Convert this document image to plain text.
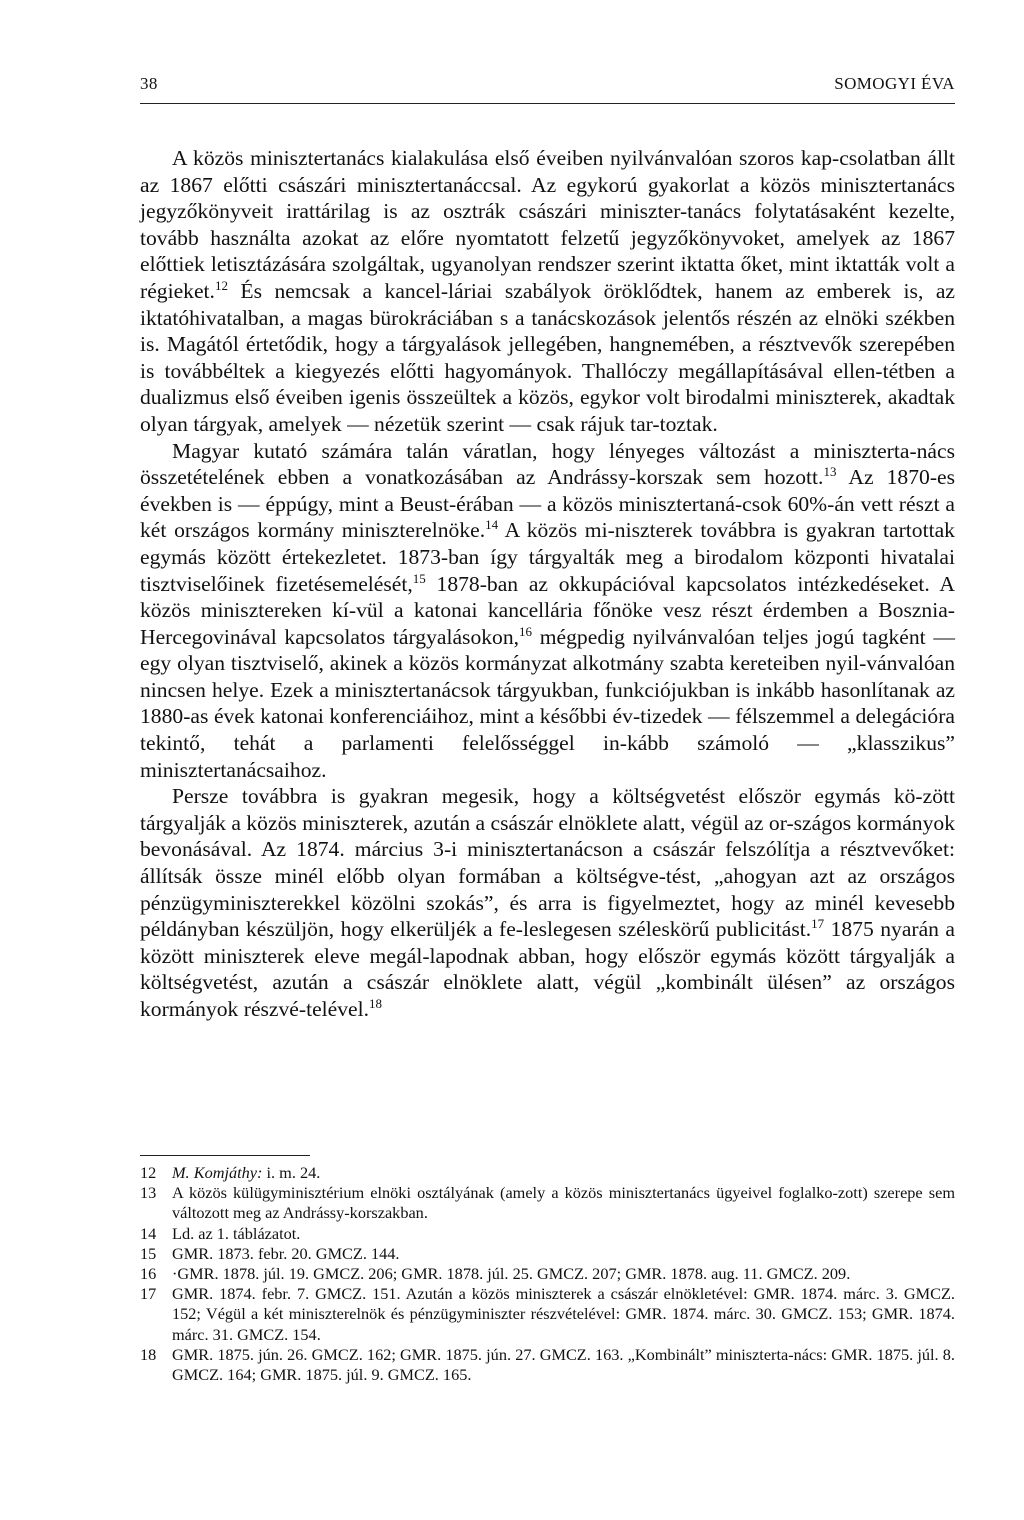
38	SOMOGYI ÉVA

A közös minisztertanács kialakulása első éveiben nyilvánvalóan szoros kap-csolatban állt az 1867 előtti császári minisztertanáccsal. Az egykorú gyakorlat a közös minisztertanács jegyzőkönyveit irattárilag is az osztrák császári miniszter-tanács folytatásaként kezelte, tovább használta azokat az előre nyomtatott felzetű jegyzőkönyvoket, amelyek az 1867 előttiek letisztázására szolgáltak, ugyanolyan rendszer szerint iktatta őket, mint iktatták volt a régieket.$^{12}$ És nemcsak a kancel-láriai szabályok öröklődtek, hanem az emberek is, az iktatóhivatalban, a magas bürokráciában s a tanácskozások jelentős részén az elnöki székben is. Magától értetődik, hogy a tárgyalások jellegében, hangnemében, a résztvevők szerepében is továbbéltek a kiegyezés előtti hagyományok. Thallóczy megállapításával ellen-tétben a dualizmus első éveiben igenis összeültek a közös, egykor volt birodalmi miniszterek, akadtak olyan tárgyak, amelyek — nézetük szerint — csak rájuk tar-toztak.

Magyar kutató számára talán váratlan, hogy lényeges változást a miniszterta-nács összetételének ebben a vonatkozásában az Andrássy-korszak sem hozott.$^{13}$ Az 1870-es években is — éppúgy, mint a Beust-érában — a közös minisztertaná-csok 60%-án vett részt a két országos kormány miniszterelnöke.$^{14}$ A közös mi-niszterek továbbra is gyakran tartottak egymás között értekezletet. 1873-ban így tárgyalták meg a birodalom központi hivatalai tisztviselőinek fizetésemelését,$^{15}$ 1878-ban az okkupációval kapcsolatos intézkedéseket. A közös minisztereken kí-vül a katonai kancellária főnöke vesz részt érdemben a Bosznia-Hercegovinával kapcsolatos tárgyalásokon,$^{16}$ mégpedig nyilvánvalóan teljes jogú tagként — egy olyan tisztviselő, akinek a közös kormányzat alkotmány szabta kereteiben nyil-vánvalóan nincsen helye. Ezek a minisztertanácsok tárgyukban, funkciójukban is inkább hasonlítanak az 1880-as évek katonai konferenciáihoz, mint a későbbi év-tizedek — félszemmel a delegációra tekintő, tehát a parlamenti felelősséggel in-kább számoló — „klasszikus” minisztertanácsaihoz.

Persze továbbra is gyakran megesik, hogy a költségvetést először egymás kö-zött tárgyalják a közös miniszterek, azután a császár elnöklete alatt, végül az or-szágos kormányok bevonásával. Az 1874. március 3-i minisztertanácson a császár felszólítja a résztvevőket: állítsák össze minél előbb olyan formában a költségve-tést, „ahogyan azt az országos pénzügyminiszterekkel közölni szokás”, és arra is figyelmeztet, hogy az minél kevesebb példányban készüljön, hogy elkerüljék a fe-leslegesen széleskörű publicitást.$^{17}$ 1875 nyarán a között miniszterek eleve megál-lapodnak abban, hogy először egymás között tárgyalják a költségvetést, azután a császár elnöklete alatt, végül „kombinált ülésen” az országos kormányok részvé-telével.$^{18}$

12 M. Komjáthy: i. m. 24.
13 A közös külügyminisztérium elnöki osztályának (amely a közös minisztertanács ügyeivel foglalko-zott) szerepe sem változott meg az Andrássy-korszakban.
14 Ld. az 1. táblázatot.
15 GMR. 1873. febr. 20. GMCZ. 144.
16 ·GMR. 1878. júl. 19. GMCZ. 206; GMR. 1878. júl. 25. GMCZ. 207; GMR. 1878. aug. 11. GMCZ. 209.
17 GMR. 1874. febr. 7. GMCZ. 151. Azután a közös miniszterek a császár elnökletével: GMR. 1874. márc. 3. GMCZ. 152; Végül a két miniszterelnök és pénzügyminiszter részvételével: GMR. 1874. márc. 30. GMCZ. 153; GMR. 1874. márc. 31. GMCZ. 154.
18 GMR. 1875. jún. 26. GMCZ. 162; GMR. 1875. jún. 27. GMCZ. 163. „Kombinált” miniszterta-nács: GMR. 1875. júl. 8. GMCZ. 164; GMR. 1875. júl. 9. GMCZ. 165.
